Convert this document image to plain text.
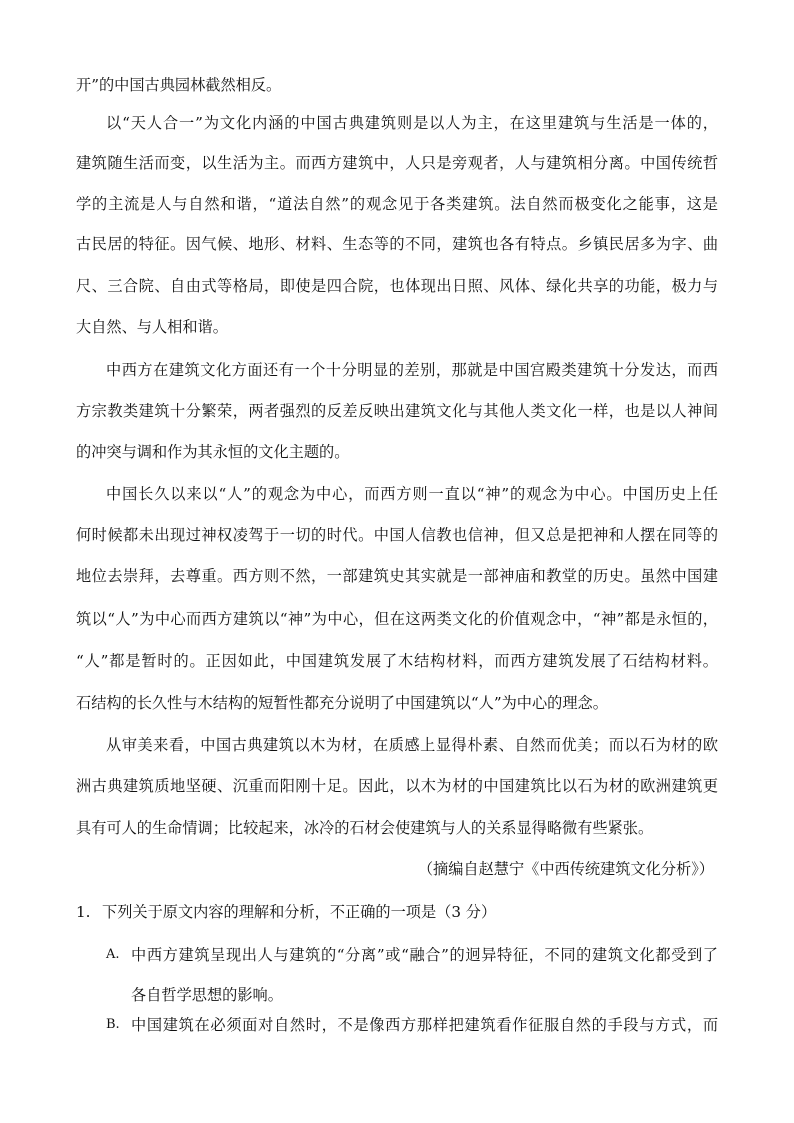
开”的中国古典园林截然相反。
以“天人合一”为文化内涵的中国古典建筑则是以人为主，在这里建筑与生活是一体的，
建筑随生活而变，以生活为主。而西方建筑中，人只是旁观者，人与建筑相分离。中国传统哲
学的主流是人与自然和谐，“道法自然”的观念见于各类建筑。法自然而极变化之能事，这是
古民居的特征。因气候、地形、材料、生态等的不同，建筑也各有特点。乡镇民居多为字、曲
尺、三合院、自由式等格局，即使是四合院，也体现出日照、风体、绿化共享的功能，极力与
大自然、与人相和谐。
中西方在建筑文化方面还有一个十分明显的差别，那就是中国宫殿类建筑十分发达，而西
方宗教类建筑十分繁荣，两者强烈的反差反映出建筑文化与其他人类文化一样，也是以人神间
的冲突与调和作为其永恒的文化主题的。
中国长久以来以“人”的观念为中心，而西方则一直以“神”的观念为中心。中国历史上任
何时候都未出现过神权凌驾于一切的时代。中国人信教也信神，但又总是把神和人摆在同等的
地位去崇拜，去尊重。西方则不然，一部建筑史其实就是一部神庙和教堂的历史。虽然中国建
筑以“人”为中心而西方建筑以“神”为中心，但在这两类文化的价值观念中，“神”都是永恒的，
“人”都是暂时的。正因如此，中国建筑发展了木结构材料，而西方建筑发展了石结构材料。
石结构的长久性与木结构的短暂性都充分说明了中国建筑以“人”为中心的理念。
从审美来看，中国古典建筑以木为材，在质感上显得朴素、自然而优美；而以石为材的欧
洲古典建筑质地坚硬、沉重而阳刚十足。因此，以木为材的中国建筑比以石为材的欧洲建筑更
具有可人的生命情调；比较起来，冰冷的石材会使建筑与人的关系显得略微有些紧张。
（摘编自赵慧宁《中西传统建筑文化分析》）
1. 下列关于原文内容的理解和分析，不正确的一项是（3 分）
A. 中西方建筑呈现出人与建筑的“分离”或“融合”的迥异特征，不同的建筑文化都受到了
各自哲学思想的影响。
B. 中国建筑在必须面对自然时，不是像西方那样把建筑看作征服自然的手段与方式，而
